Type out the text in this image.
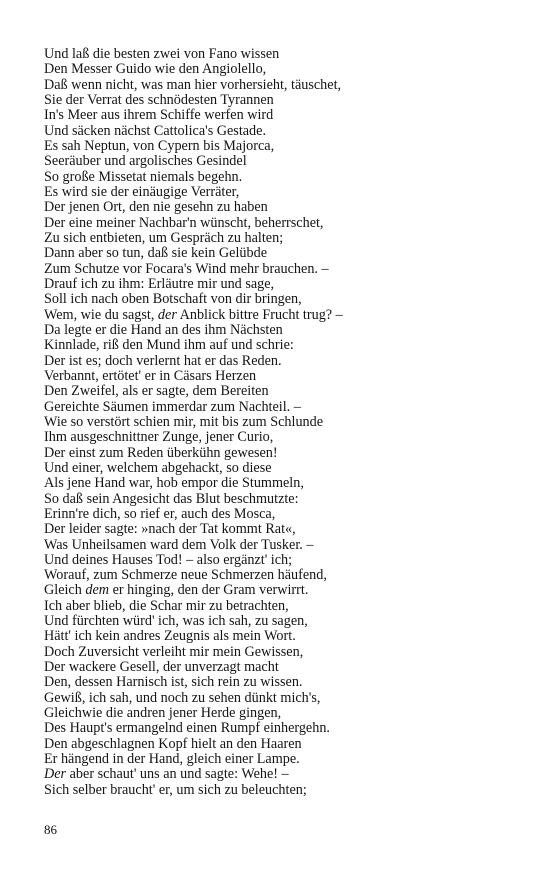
Und laß die besten zwei von Fano wissen
Den Messer Guido wie den Angiolello,
Daß wenn nicht, was man hier vorhersieht, täuschet,
Sie der Verrat des schnödesten Tyrannen
In's Meer aus ihrem Schiffe werfen wird
Und säcken nächst Cattolica's Gestade.
Es sah Neptun, von Cypern bis Majorca,
Seeräuber und argolisches Gesindel
So große Missetat niemals begehn.
Es wird sie der einäugige Verräter,
Der jenen Ort, den nie gesehn zu haben
Der eine meiner Nachbar'n wünscht, beherrschet,
Zu sich entbieten, um Gespräch zu halten;
Dann aber so tun, daß sie kein Gelübde
Zum Schutze vor Focara's Wind mehr brauchen. –
Drauf ich zu ihm: Erläutre mir und sage,
Soll ich nach oben Botschaft von dir bringen,
Wem, wie du sagst, der Anblick bittre Frucht trug? –
Da legte er die Hand an des ihm Nächsten
Kinnlade, riß den Mund ihm auf und schrie:
Der ist es; doch verlernt hat er das Reden.
Verbannt, ertötet' er in Cäsars Herzen
Den Zweifel, als er sagte, dem Bereiten
Gereichte Säumen immerdar zum Nachteil. –
Wie so verstört schien mir, mit bis zum Schlunde
Ihm ausgeschnittner Zunge, jener Curio,
Der einst zum Reden überkühn gewesen!
Und einer, welchem abgehackt, so diese
Als jene Hand war, hob empor die Stummeln,
So daß sein Angesicht das Blut beschmutzte:
Erinn're dich, so rief er, auch des Mosca,
Der leider sagte: »nach der Tat kommt Rat«,
Was Unheilsamen ward dem Volk der Tusker. –
Und deines Hauses Tod! – also ergänzt' ich;
Worauf, zum Schmerze neue Schmerzen häufend,
Gleich dem er hinging, den der Gram verwirrt.
Ich aber blieb, die Schar mir zu betrachten,
Und fürchten würd' ich, was ich sah, zu sagen,
Hätt' ich kein andres Zeugnis als mein Wort.
Doch Zuversicht verleiht mir mein Gewissen,
Der wackere Gesell, der unverzagt macht
Den, dessen Harnisch ist, sich rein zu wissen.
Gewiß, ich sah, und noch zu sehen dünkt mich's,
Gleichwie die andren jener Herde gingen,
Des Haupt's ermangelnd einen Rumpf einhergehn.
Den abgeschlagnen Kopf hielt an den Haaren
Er hängend in der Hand, gleich einer Lampe.
Der aber schaut' uns an und sagte: Wehe! –
Sich selber braucht' er, um sich zu beleuchten;
86
